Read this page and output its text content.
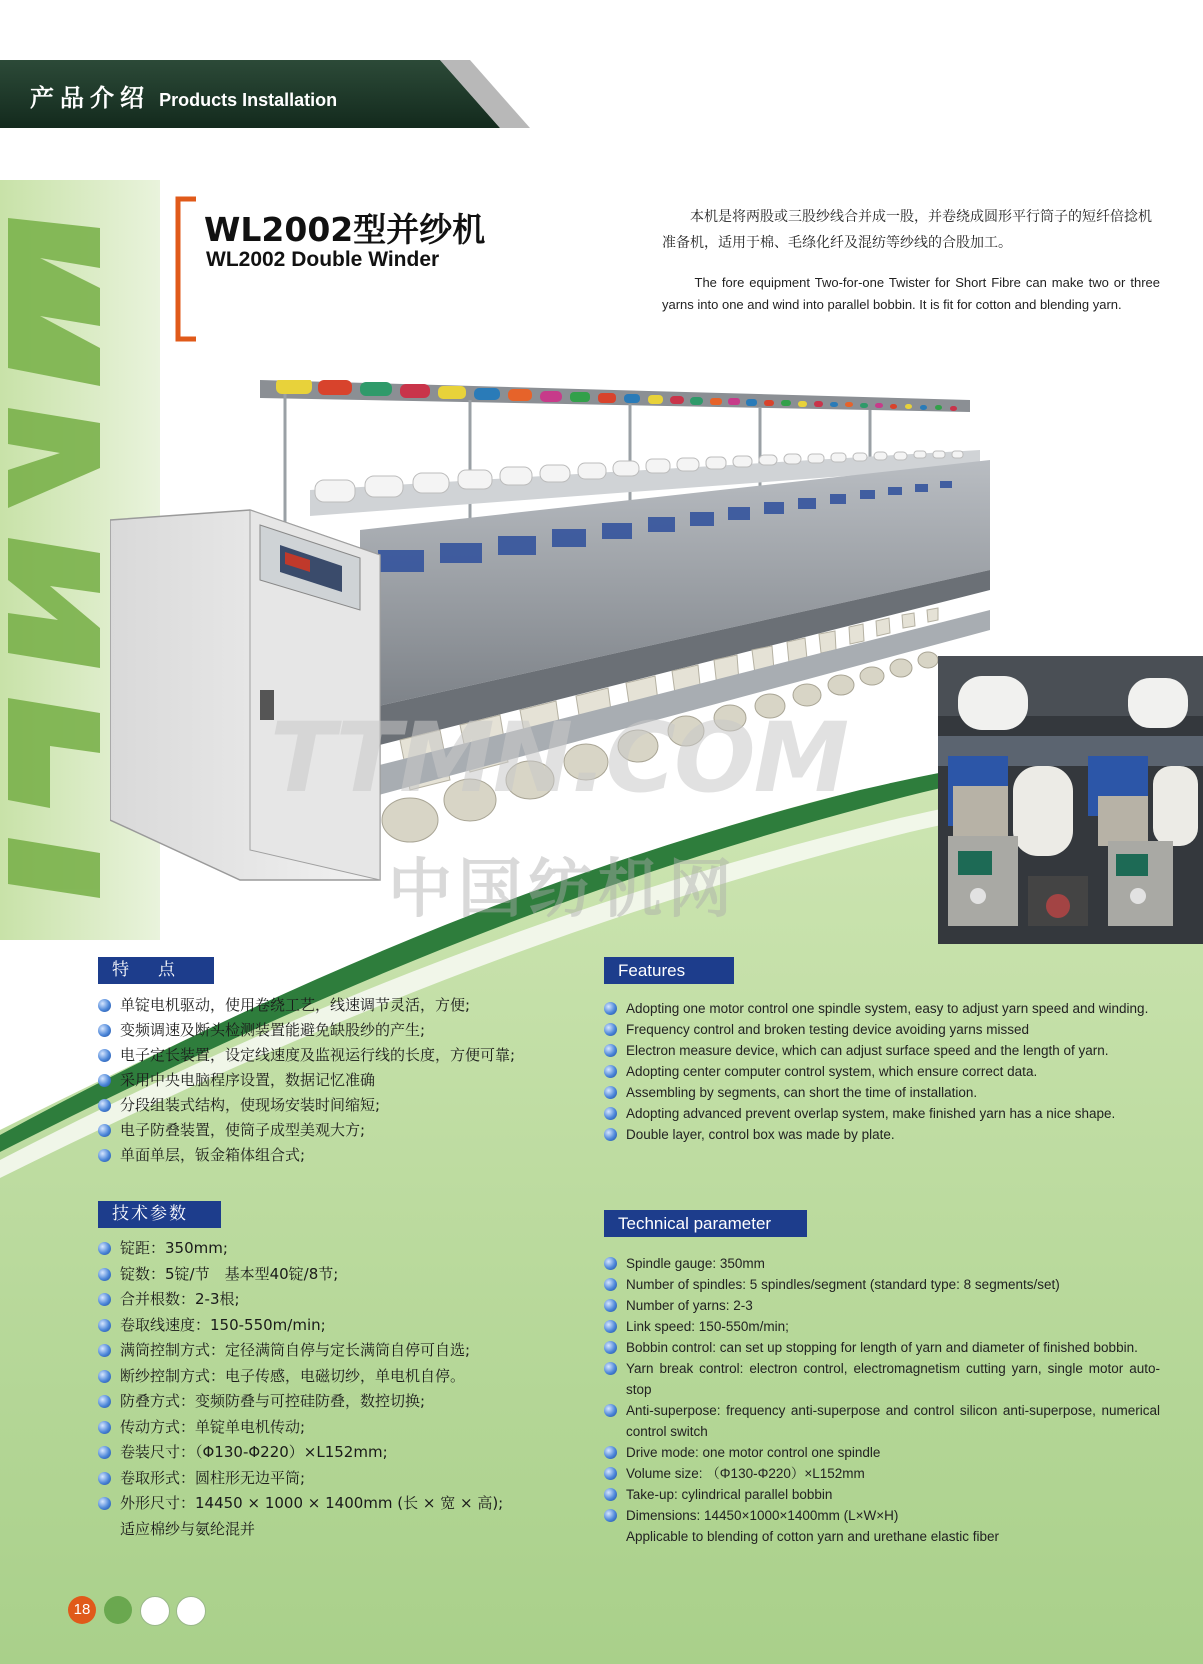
产品介绍 Products Installation
WL2002型并纱机
WL2002 Double Winder
本机是将两股或三股纱线合并成一股，并卷绕成圆形平行筒子的短纤倍捻机准备机，适用于棉、毛绦化纤及混纺等纱线的合股加工。
The fore equipment Two-for-one Twister for Short Fibre can make two or three yarns into one and wind into parallel bobbin. It is fit for cotton and blending yarn.
TTMN.COM
中国纺机网
特　点
单锭电机驱动，使用卷绕工艺，线速调节灵活，方便;
变频调速及断头检测装置能避免缺股纱的产生;
电子定长装置，设定线速度及监视运行线的长度，方便可靠;
采用中央电脑程序设置，数据记忆准确
分段组装式结构，使现场安装时间缩短;
电子防叠装置，使筒子成型美观大方;
单面单层，钣金箱体组合式;
Features
Adopting one motor control one spindle system, easy to adjust yarn speed and winding.
Frequency control and broken testing device avoiding yarns missed
Electron measure device, which can adjust surface speed and the length of yarn.
Adopting center computer control system, which ensure correct data.
Assembling by segments, can short the time of installation.
Adopting advanced prevent overlap system, make finished yarn has a nice shape.
Double layer, control box was made by plate.
技术参数
锭距：350mm;
锭数：5锭/节　基本型40锭/8节;
合并根数：2-3根;
卷取线速度：150-550m/min;
满筒控制方式：定径满筒自停与定长满筒自停可自选;
断纱控制方式：电子传感，电磁切纱，单电机自停。
防叠方式：变频防叠与可控硅防叠，数控切换;
传动方式：单锭单电机传动;
卷装尺寸：（Φ130-Φ220）×L152mm;
卷取形式：圆柱形无边平筒;
外形尺寸：14450 × 1000 × 1400mm (长 × 宽 × 高);
适应棉纱与氨纶混并
Technical parameter
Spindle gauge: 350mm
Number of spindles: 5 spindles/segment (standard type: 8 segments/set)
Number of yarns: 2-3
Link speed: 150-550m/min;
Bobbin control: can set up stopping for length of yarn and diameter of finished bobbin.
Yarn break control: electron control, electromagnetism cutting yarn, single motor auto-stop
Anti-superpose: frequency anti-superpose and control silicon anti-superpose, numerical control switch
Drive mode: one motor control one spindle
Volume size: （Φ130-Φ220）×L152mm
Take-up: cylindrical parallel bobbin
Dimensions: 14450×1000×1400mm (L×W×H)
Applicable to blending of cotton yarn and urethane elastic fiber
18
